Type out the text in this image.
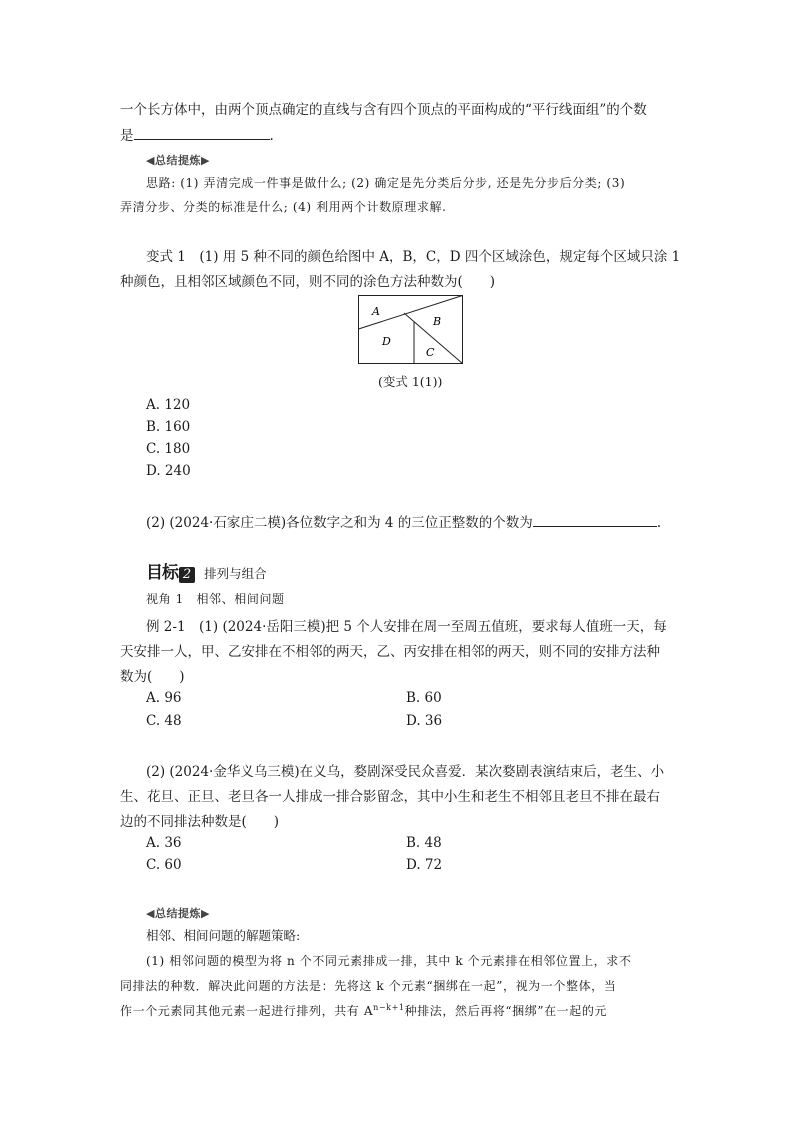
一个长方体中，由两个顶点确定的直线与含有四个顶点的平面构成的“平行线面组”的个数
是	.
◀总结提炼▶
思路: (1) 弄清完成一件事是做什么; (2) 确定是先分类后分步, 还是先分步后分类; (3)
弄清分步、分类的标准是什么; (4) 利用两个计数原理求解.
变式 1　(1) 用 5 种不同的颜色给图中 A，B，C，D 四个区域涂色，规定每个区域只涂 1
种颜色，且相邻区域颜色不同，则不同的涂色方法种数为(　　)
A
B
D
C
(变式 1(1))
A. 120
B. 160
C. 180
D. 240
(2) (2024·石家庄二模)各位数字之和为 4 的三位正整数的个数为	.
目标 2 排列与组合
视角 1　相邻、相间问题
例 2-1　(1) (2024·岳阳三模)把 5 个人安排在周一至周五值班，要求每人值班一天，每
天安排一人，甲、乙安排在不相邻的两天，乙、丙安排在相邻的两天，则不同的安排方法种
数为(　　)
A. 96	B. 60
C. 48	D. 36
(2) (2024·金华义乌三模)在义乌，婺剧深受民众喜爱．某次婺剧表演结束后，老生、小
生、花旦、正旦、老旦各一人排成一排合影留念，其中小生和老生不相邻且老旦不排在最右
边的不同排法种数是(　　)
A. 36	B. 48
C. 60	D. 72
◀总结提炼▶
相邻、相间问题的解题策略:
(1) 相邻问题的模型为将 n 个不同元素排成一排，其中 k 个元素排在相邻位置上，求不
同排法的种数．解决此问题的方法是：先将这 k 个元素“捆绑在一起”，视为一个整体，当
作一个元素同其他元素一起进行排列，共有 $A^{n-k+1}$种排法，然后再将“捆绑”在一起的元
